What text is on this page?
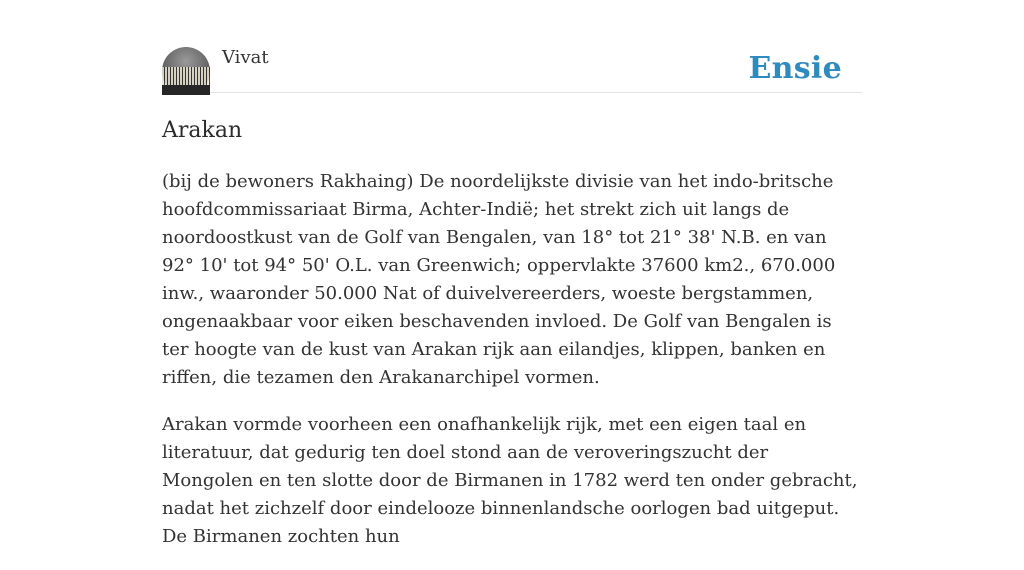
Vivat	Ensie
Arakan

(bij de bewoners Rakhaing) De noordelijkste divisie van het indo-britsche hoofdcommissariaat Birma, Achter-Indië; het strekt zich uit langs de noordoostkust van de Golf van Bengalen, van 18° tot 21° 38' N.B. en van 92° 10' tot 94° 50' O.L. van Greenwich; oppervlakte 37600 km2., 670.000 inw., waaronder 50.000 Nat of duivelvereerders, woeste bergstammen, ongenaakbaar voor eiken beschavenden invloed. De Golf van Bengalen is ter hoogte van de kust van Arakan rijk aan eilandjes, klippen, banken en riffen, die tezamen den Arakanarchipel vormen.

Arakan vormde voorheen een onafhankelijk rijk, met een eigen taal en literatuur, dat gedurig ten doel stond aan de veroveringszucht der Mongolen en ten slotte door de Birmanen in 1782 werd ten onder gebracht, nadat het zichzelf door eindelooze binnenlandsche oorlogen bad uitgeput. De Birmanen zochten hun
